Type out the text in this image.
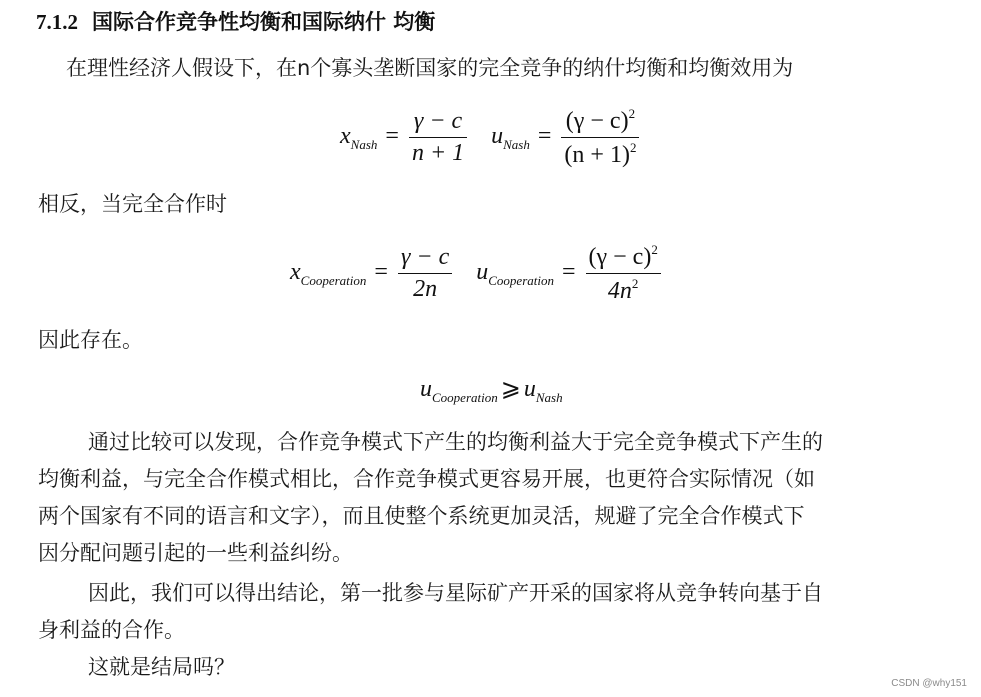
7.1.2 国际合作竞争性均衡和国际纳什 均衡
在理性经济人假设下，在n个寡头垄断国家的完全竞争的纳什均衡和均衡效用为
$x_{Nash} = \frac{\gamma - c}{n + 1} u_{Nash} = \frac{(\gamma - c)^2}{(n + 1)^2}$
相反，当完全合作时
$x_{Cooperation} = \frac{\gamma - c}{2n} u_{Cooperation} = \frac{(\gamma - c)^2}{4n^2}$
因此存在。
$u_{Cooperation}$ ⩾ $u_{Nash}$
通过比较可以发现，合作竞争模式下产生的均衡利益大于完全竞争模式下产生的
均衡利益，与完全合作模式相比，合作竞争模式更容易开展，也更符合实际情况（如
两个国家有不同的语言和文字），而且使整个系统更加灵活，规避了完全合作模式下
因分配问题引起的一些利益纠纷。
因此，我们可以得出结论，第一批参与星际矿产开采的国家将从竞争转向基于自
身利益的合作。
这就是结局吗？
CSDN @why151
